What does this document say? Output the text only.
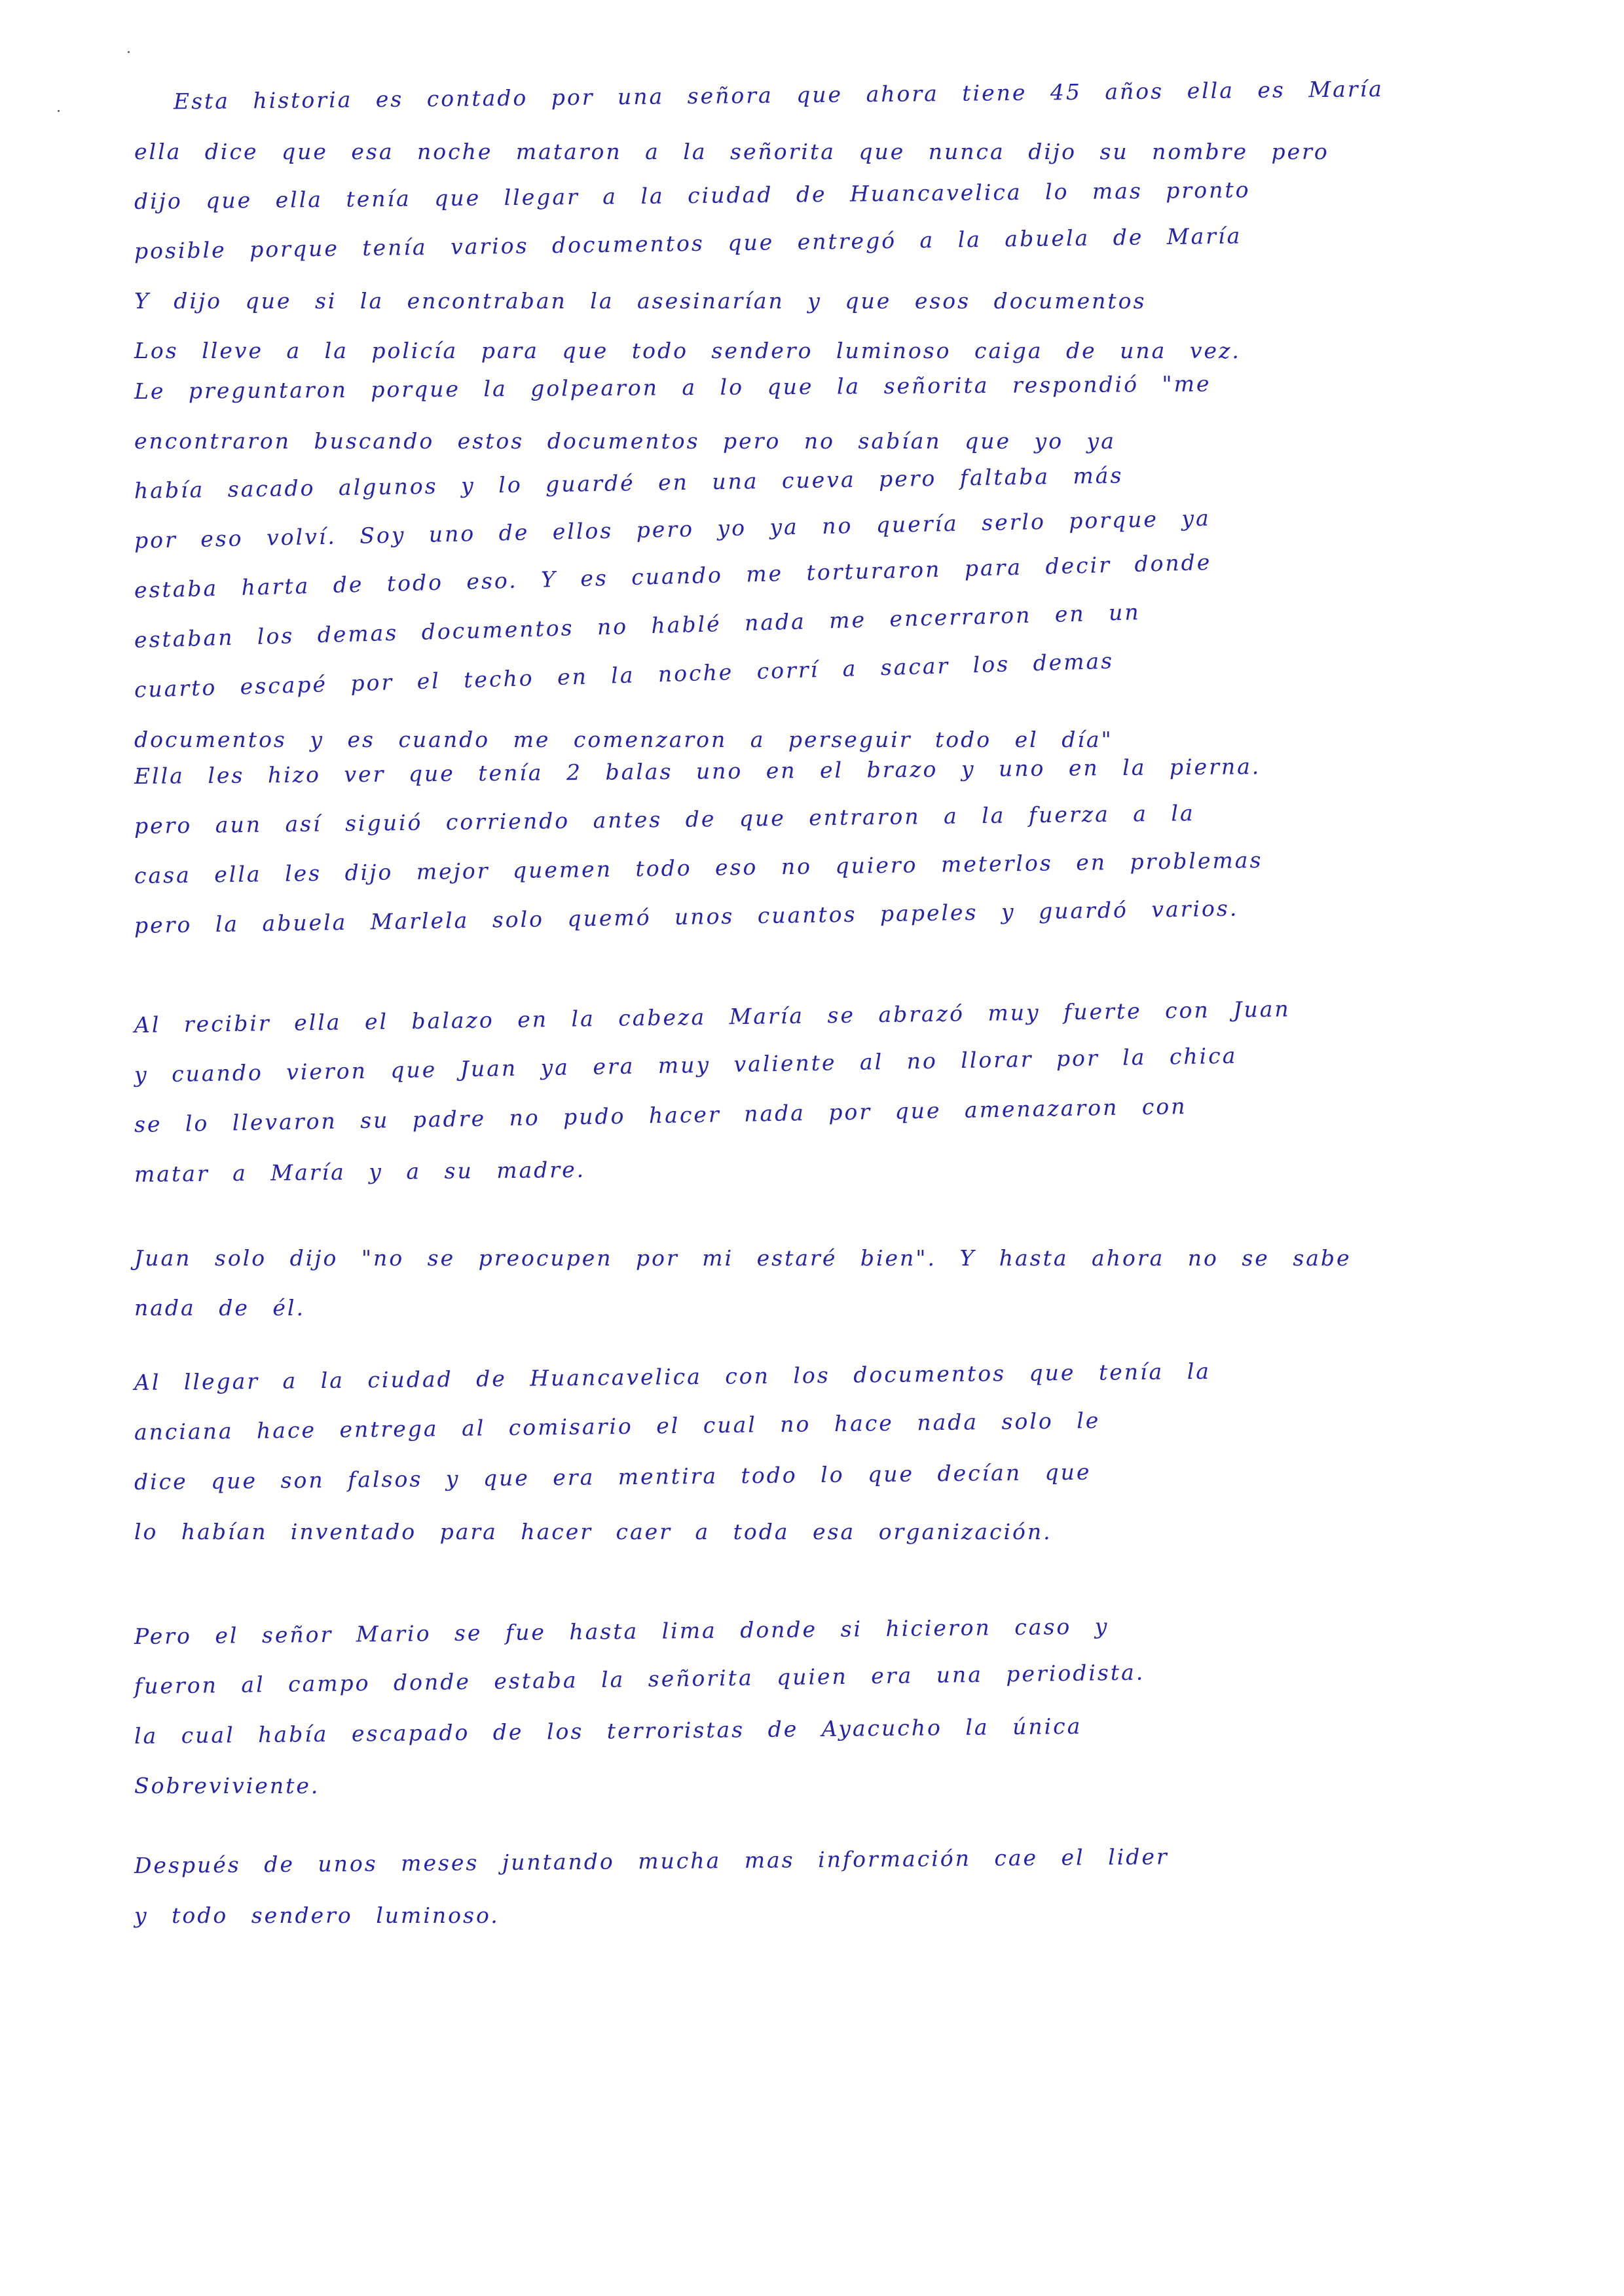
Esta historia es contado por una señora que ahora tiene 45 años ella es María
ella dice que esa noche mataron a la señorita que nunca dijo su nombre pero
dijo que ella tenía que llegar a la ciudad de Huancavelica lo mas pronto
posible porque tenía varios documentos que entregó a la abuela de María
Y dijo que si la encontraban la asesinarían y que esos documentos
Los lleve a la policía para que todo sendero luminoso caiga de una vez.
Le preguntaron porque la golpearon a lo que la señorita respondió "me
encontraron buscando estos documentos pero no sabían que yo ya
había sacado algunos y lo guardé en una cueva pero faltaba más
por eso volví. Soy uno de ellos pero yo ya no quería serlo porque ya
estaba harta de todo eso. Y es cuando me torturaron para decir donde
estaban los demas documentos no hablé nada me encerraron en un
cuarto escapé por el techo en la noche corrí a sacar los demas
documentos y es cuando me comenzaron a perseguir todo el día"
Ella les hizo ver que tenía 2 balas uno en el brazo y uno en la pierna.
pero aun así siguió corriendo antes de que entraron a la fuerza a la
casa ella les dijo mejor quemen todo eso no quiero meterlos en problemas
pero la abuela Marlela solo quemó unos cuantos papeles y guardó varios.
Al recibir ella el balazo en la cabeza María se abrazó muy fuerte con Juan
y cuando vieron que Juan ya era muy valiente al no llorar por la chica
se lo llevaron su padre no pudo hacer nada por que amenazaron con
matar a María y a su madre.
Juan solo dijo "no se preocupen por mi estaré bien". Y hasta ahora no se sabe
nada de él.
Al llegar a la ciudad de Huancavelica con los documentos que tenía la
anciana hace entrega al comisario el cual no hace nada solo le
dice que son falsos y que era mentira todo lo que decían que
lo habían inventado para hacer caer a toda esa organización.
Pero el señor Mario se fue hasta lima donde si hicieron caso y
fueron al campo donde estaba la señorita quien era una periodista.
la cual había escapado de los terroristas de Ayacucho la única
Sobreviviente.
Después de unos meses juntando mucha mas información cae el lider
y todo sendero luminoso.
